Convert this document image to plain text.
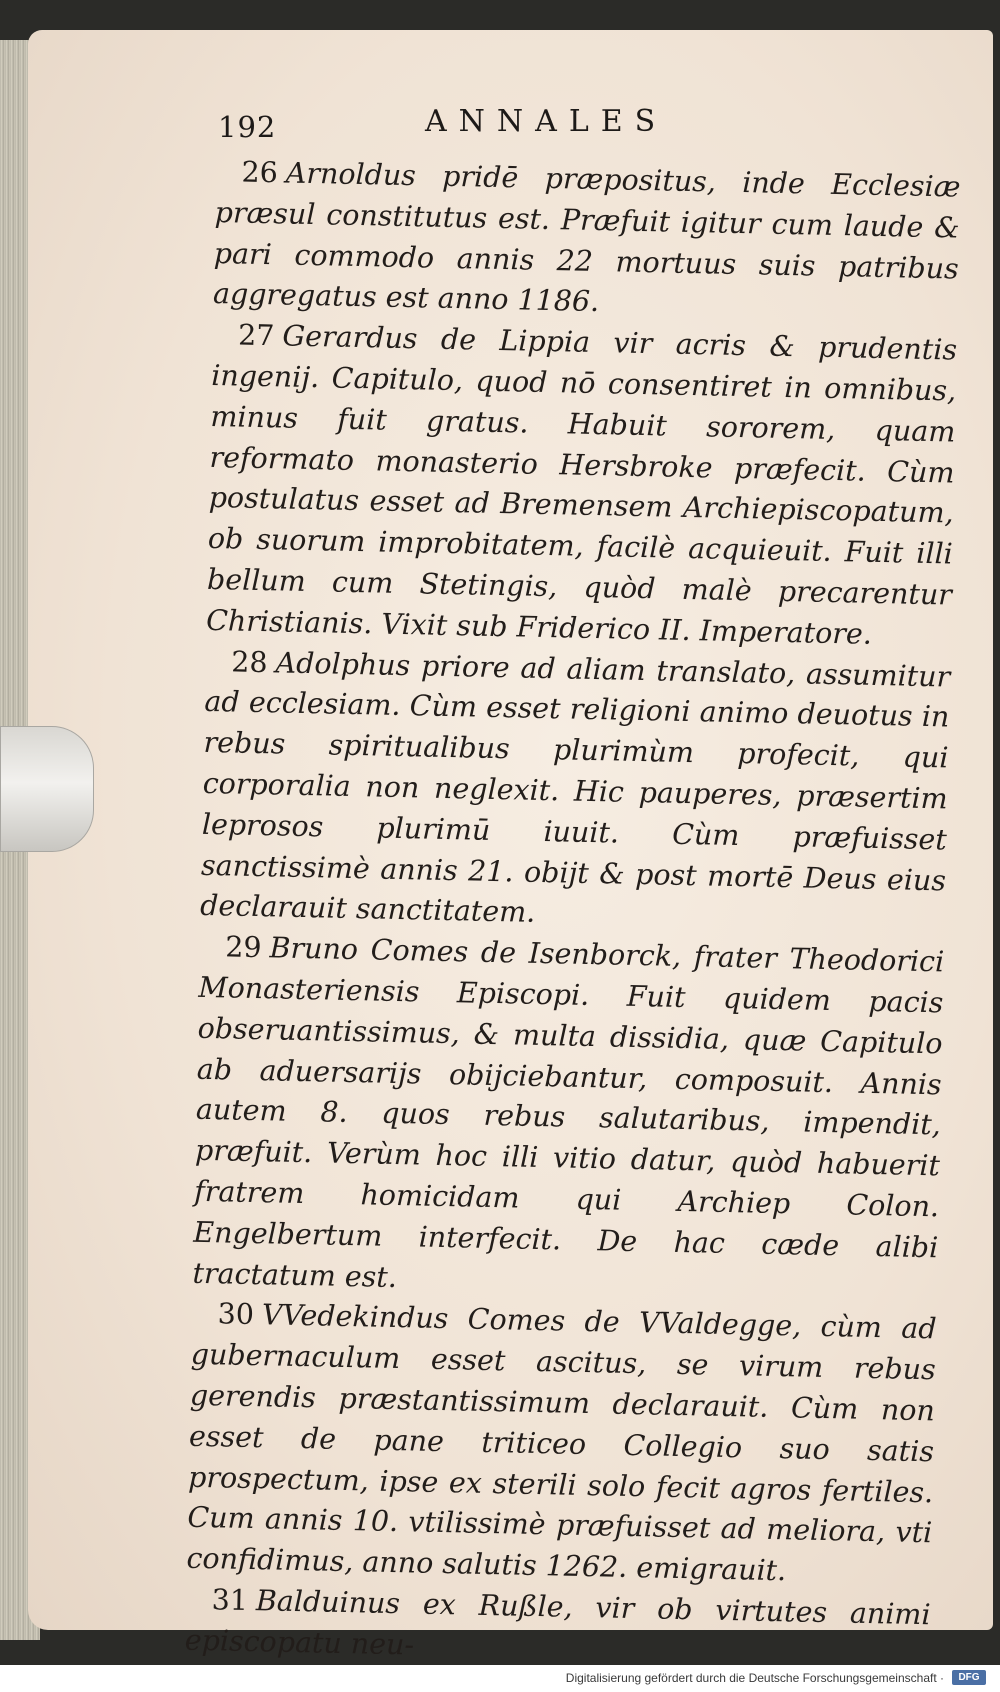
192	ANNALES

26 Arnoldus pridē præpositus, inde Ecclesiæ præsul constitutus est. Præfuit igitur cum laude & pari commodo annis 22 mortuus suis patribus aggregatus est anno 1186.

27 Gerardus de Lippia vir acris & prudentis ingenij. Capitulo, quod nō consentiret in omnibus, minus fuit gratus. Habuit sororem, quam reformato monasterio Hersbroke præfecit. Cùm postulatus esset ad Bremensem Archiepiscopatum, ob suorum improbitatem, facilè acquieuit. Fuit illi bellum cum Stetingis, quòd malè precarentur Christianis. Vixit sub Friderico II. Imperatore.

28 Adolphus priore ad aliam translato, assumitur ad ecclesiam. Cùm esset religioni animo deuotus in rebus spiritualibus plurimùm profecit, qui corporalia non neglexit. Hic pauperes, præsertim leprosos plurimū iuuit. Cùm præfuisset sanctissimè annis 21. obijt & post mortē Deus eius declarauit sanctitatem.

29 Bruno Comes de Isenborck, frater Theodorici Monasteriensis Episcopi. Fuit quidem pacis obseruantissimus, & multa dissidia, quæ Capitulo ab aduersarijs obijciebantur, composuit. Annis autem 8. quos rebus salutaribus, impendit, præfuit. Verùm hoc illi vitio datur, quòd habuerit fratrem homicidam qui Archiep Colon. Engelbertum interfecit. De hac cæde alibi tractatum est.

30 VVedekindus Comes de VValdegge, cùm ad gubernaculum esset ascitus, se virum rebus gerendis præstantissimum declarauit. Cùm non esset de pane triticeo Collegio suo satis prospectum, ipse ex sterili solo fecit agros fertiles. Cum annis 10. vtilissimè præfuisset ad meliora, vti confidimus, anno salutis 1262. emigrauit.

31 Balduinus ex Rußle, vir ob virtutes animi episcopatu neu-

Digitalisierung gefördert durch die Deutsche Forschungsgemeinschaft ·	DFG
